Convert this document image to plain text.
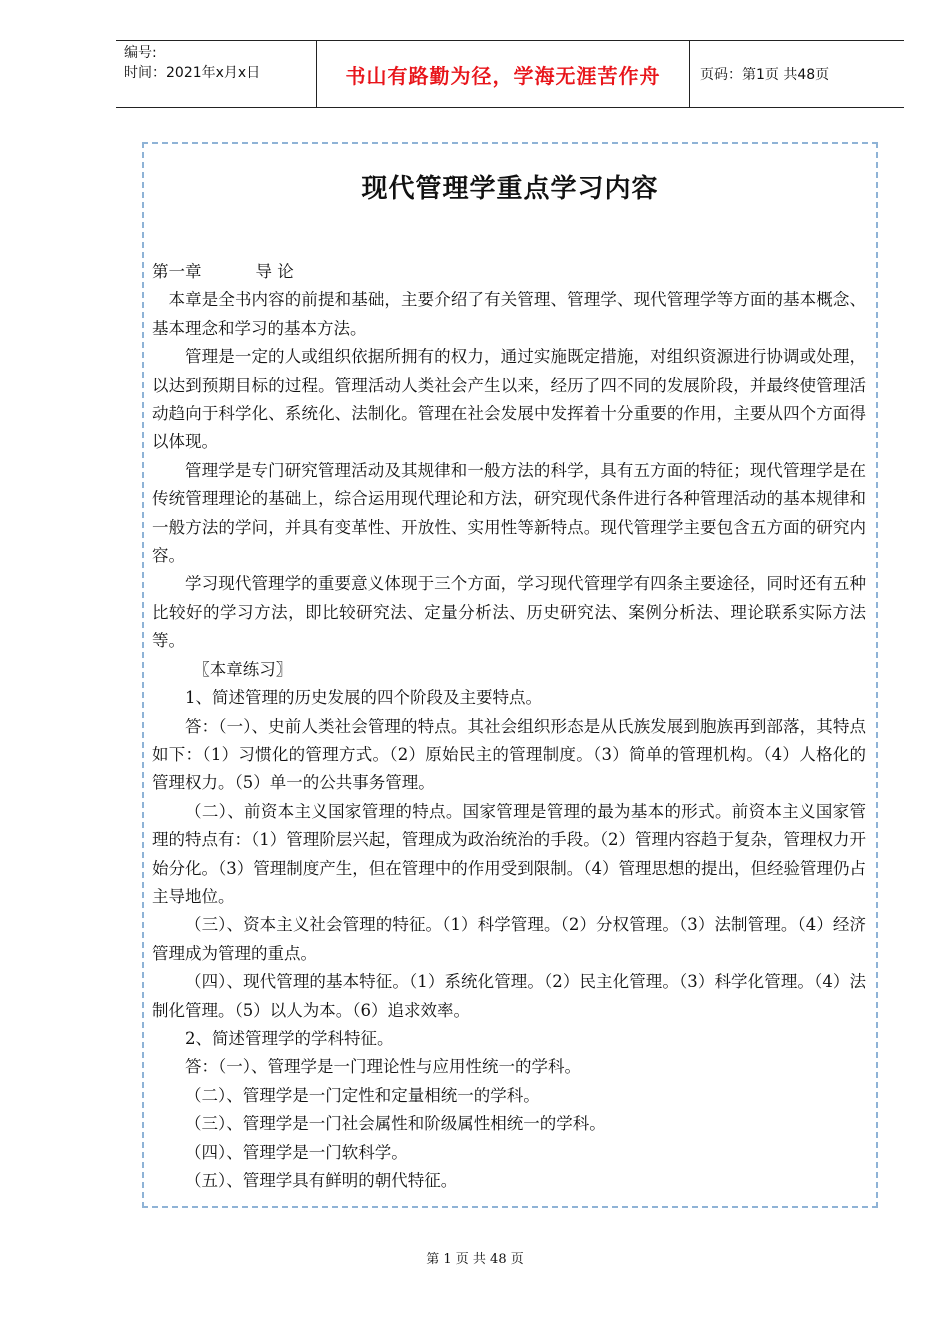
编号:
时间：2021年x月x日	书山有路勤为径，学海无涯苦作舟	页码：第1页 共48页
现代管理学重点学习内容

第一章	导 论

本章是全书内容的前提和基础，主要介绍了有关管理、管理学、现代管理学等方面的基本概念、基本理念和学习的基本方法。

管理是一定的人或组织依据所拥有的权力，通过实施既定措施，对组织资源进行协调或处理，以达到预期目标的过程。管理活动人类社会产生以来，经历了四不同的发展阶段，并最终使管理活动趋向于科学化、系统化、法制化。管理在社会发展中发挥着十分重要的作用，主要从四个方面得以体现。

管理学是专门研究管理活动及其规律和一般方法的科学，具有五方面的特征；现代管理学是在传统管理理论的基础上，综合运用现代理论和方法，研究现代条件进行各种管理活动的基本规律和一般方法的学问，并具有变革性、开放性、实用性等新特点。现代管理学主要包含五方面的研究内容。

学习现代管理学的重要意义体现于三个方面，学习现代管理学有四条主要途径，同时还有五种比较好的学习方法，即比较研究法、定量分析法、历史研究法、案例分析法、理论联系实际方法等。

〖本章练习〗

1、简述管理的历史发展的四个阶段及主要特点。

答：（一）、史前人类社会管理的特点。其社会组织形态是从氏族发展到胞族再到部落，其特点如下：（1）习惯化的管理方式。（2）原始民主的管理制度。（3）简单的管理机构。（4）人格化的管理权力。（5）单一的公共事务管理。

（二）、前资本主义国家管理的特点。国家管理是管理的最为基本的形式。前资本主义国家管理的特点有：（1）管理阶层兴起，管理成为政治统治的手段。（2）管理内容趋于复杂，管理权力开始分化。（3）管理制度产生，但在管理中的作用受到限制。（4）管理思想的提出，但经验管理仍占主导地位。

（三）、资本主义社会管理的特征。（1）科学管理。（2）分权管理。（3）法制管理。（4）经济管理成为管理的重点。

（四）、现代管理的基本特征。（1）系统化管理。（2）民主化管理。（3）科学化管理。（4）法制化管理。（5）以人为本。（6）追求效率。

2、简述管理学的学科特征。

答：（一）、管理学是一门理论性与应用性统一的学科。

（二）、管理学是一门定性和定量相统一的学科。

（三）、管理学是一门社会属性和阶级属性相统一的学科。

（四）、管理学是一门软科学。

（五）、管理学具有鲜明的朝代特征。

第 1 页 共 48 页
